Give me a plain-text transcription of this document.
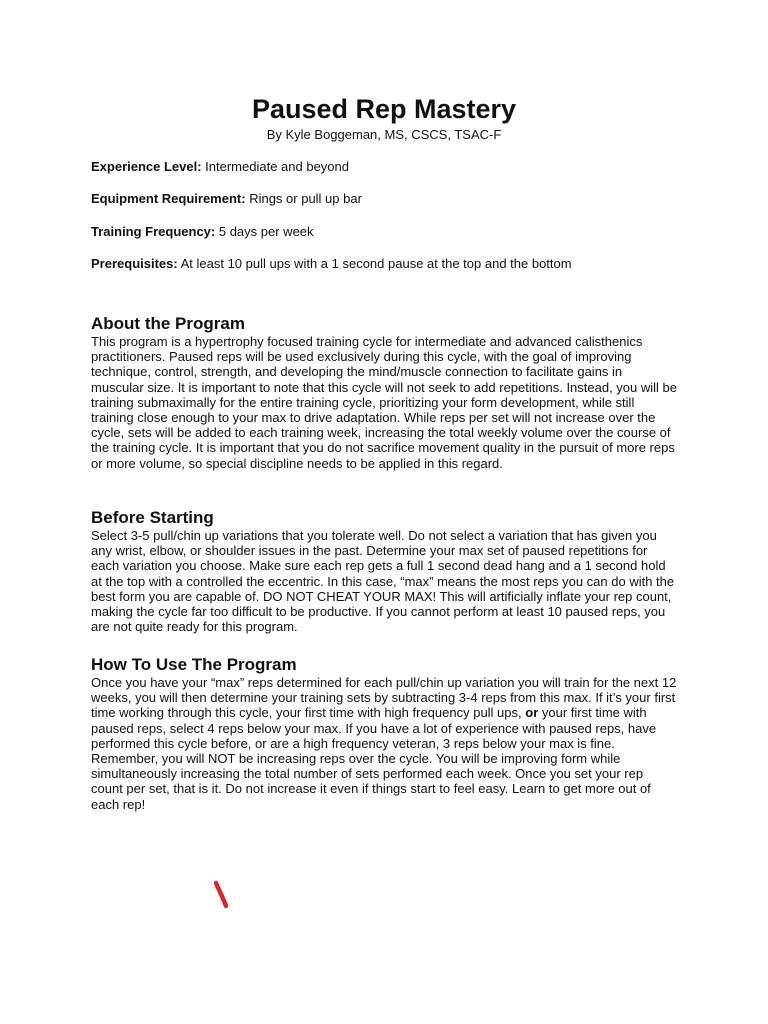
Paused Rep Mastery

By Kyle Boggeman, MS, CSCS, TSAC-F

Experience Level: Intermediate and beyond

Equipment Requirement: Rings or pull up bar

Training Frequency: 5 days per week

Prerequisites: At least 10 pull ups with a 1 second pause at the top and the bottom

About the Program

This program is a hypertrophy focused training cycle for intermediate and advanced calisthenics practitioners. Paused reps will be used exclusively during this cycle, with the goal of improving technique, control, strength, and developing the mind/muscle connection to facilitate gains in muscular size. It is important to note that this cycle will not seek to add repetitions. Instead, you will be training submaximally for the entire training cycle, prioritizing your form development, while still training close enough to your max to drive adaptation. While reps per set will not increase over the cycle, sets will be added to each training week, increasing the total weekly volume over the course of the training cycle. It is important that you do not sacrifice movement quality in the pursuit of more reps or more volume, so special discipline needs to be applied in this regard.

Before Starting

Select 3-5 pull/chin up variations that you tolerate well. Do not select a variation that has given you any wrist, elbow, or shoulder issues in the past. Determine your max set of paused repetitions for each variation you choose. Make sure each rep gets a full 1 second dead hang and a 1 second hold at the top with a controlled the eccentric. In this case, “max” means the most reps you can do with the best form you are capable of. DO NOT CHEAT YOUR MAX! This will artificially inflate your rep count, making the cycle far too difficult to be productive. If you cannot perform at least 10 paused reps, you are not quite ready for this program.

How To Use The Program

Once you have your “max” reps determined for each pull/chin up variation you will train for the next 12 weeks, you will then determine your training sets by subtracting 3-4 reps from this max. If it’s your first time working through this cycle, your first time with high frequency pull ups, or your first time with paused reps, select 4 reps below your max. If you have a lot of experience with paused reps, have performed this cycle before, or are a high frequency veteran, 3 reps below your max is fine. Remember, you will NOT be increasing reps over the cycle. You will be improving form while simultaneously increasing the total number of sets performed each week. Once you set your rep count per set, that is it. Do not increase it even if things start to feel easy. Learn to get more out of each rep!
